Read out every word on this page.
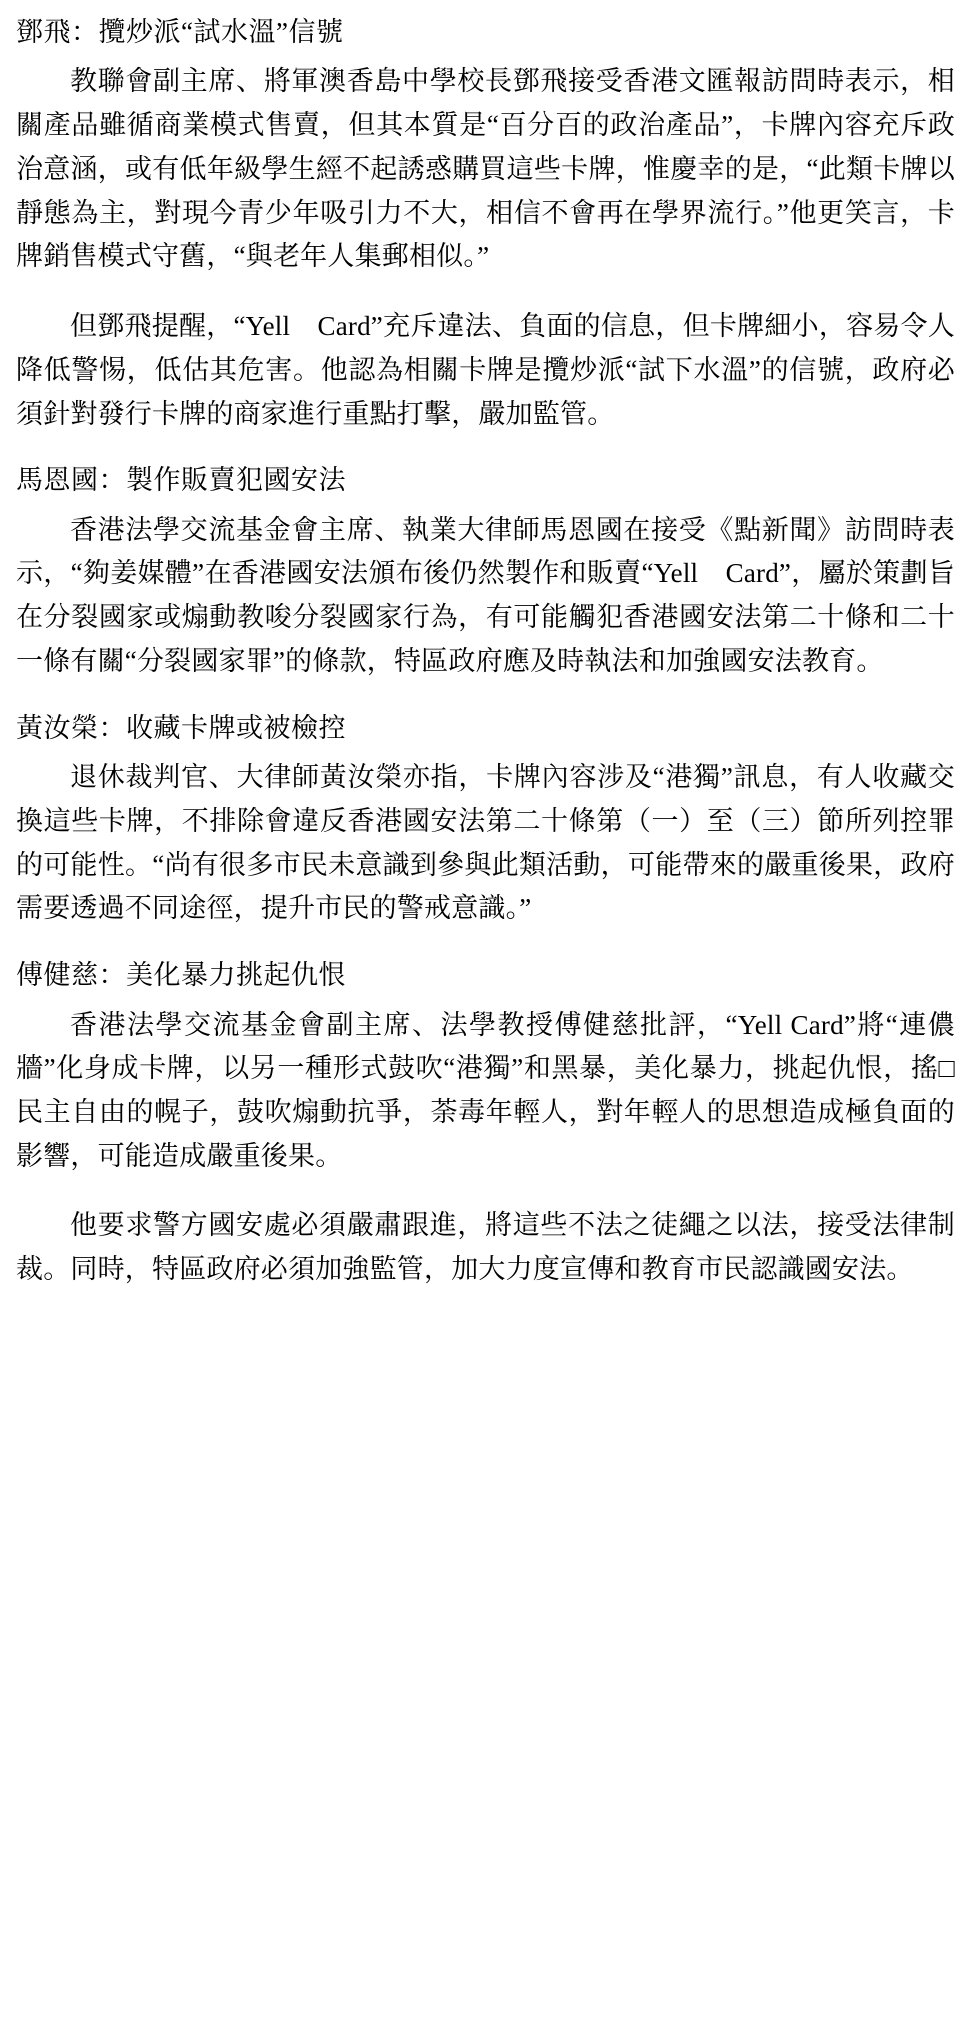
鄧飛：攬炒派“試水溫”信號

教聯會副主席、將軍澳香島中學校長鄧飛接受香港文匯報訪問時表示，相關產品雖循商業模式售賣，但其本質是“百分百的政治產品”，卡牌內容充斥政治意涵，或有低年級學生經不起誘惑購買這些卡牌，惟慶幸的是，“此類卡牌以靜態為主，對現今青少年吸引力不大，相信不會再在學界流行。”他更笑言，卡牌銷售模式守舊，“與老年人集郵相似。”

但鄧飛提醒，“Yell　Card”充斥違法、負面的信息，但卡牌細小，容易令人降低警惕，低估其危害。他認為相關卡牌是攬炒派“試下水溫”的信號，政府必須針對發行卡牌的商家進行重點打擊，嚴加監管。

馬恩國：製作販賣犯國安法

香港法學交流基金會主席、執業大律師馬恩國在接受《點新聞》訪問時表示，“夠姜媒體”在香港國安法頒布後仍然製作和販賣“Yell　Card”，屬於策劃旨在分裂國家或煽動教唆分裂國家行為，有可能觸犯香港國安法第二十條和二十一條有關“分裂國家罪”的條款，特區政府應及時執法和加強國安法教育。

黃汝榮：收藏卡牌或被檢控

退休裁判官、大律師黃汝榮亦指，卡牌內容涉及“港獨”訊息，有人收藏交換這些卡牌，不排除會違反香港國安法第二十條第（一）至（三）節所列控罪的可能性。“尚有很多市民未意識到參與此類活動，可能帶來的嚴重後果，政府需要透過不同途徑，提升市民的警戒意識。”

傅健慈：美化暴力挑起仇恨

香港法學交流基金會副主席、法學教授傅健慈批評，“Yell Card”將“連儂牆”化身成卡牌，以另一種形式鼓吹“港獨”和黑暴，美化暴力，挑起仇恨，搖□民主自由的幌子，鼓吹煽動抗爭，荼毒年輕人，對年輕人的思想造成極負面的影響，可能造成嚴重後果。

他要求警方國安處必須嚴肅跟進，將這些不法之徒繩之以法，接受法律制裁。同時，特區政府必須加強監管，加大力度宣傳和教育市民認識國安法。
